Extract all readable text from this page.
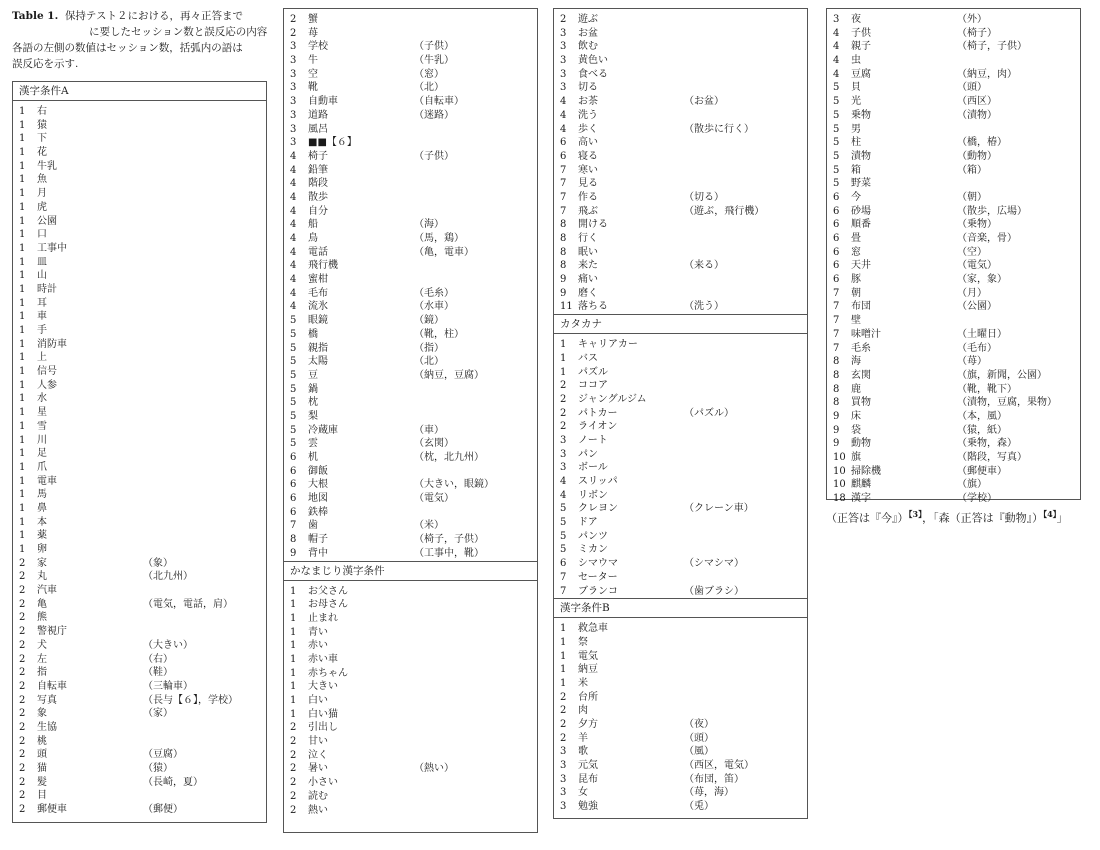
Table 1. 保持テスト２における，再々正答まで
に要したセッション数と誤反応の内容
各語の左側の数値はセッション数，括弧内の語は
誤反応を示す.
漢字条件A
1 右
1 猿
1 下
1 花
1 牛乳
1 魚
1 月
1 虎
1 公園
1 口
1 工事中
1 皿
1 山
1 時計
1 耳
1 車
1 手
1 消防車
1 上
1 信号
1 人参
1 水
1 星
1 雪
1 川
1 足
1 爪
1 電車
1 馬
1 鼻
1 本
1 薬
1 卵
2 家	（象）
2 丸	（北九州）
2 汽車
2 亀	（電気，電話，肩）
2 熊
2 警視庁
2 犬	（大きい）
2 左	（右）
2 指	（鞋）
2 自転車	（三輪車）
2 写真	（長与【６】，学校）
2 象	（家）
2 生協
2 桃
2 頭	（豆腐）
2 猫	（猿）
2 髪	（長崎，夏）
2 目
2 郵便車	（郵便）
2 蟹
2 苺
3 学校	（子供）
3 牛	（牛乳）
3 空	（窓）
3 靴	（北）
3 自動車	（自転車）
3 道路	（迷路）
3 風呂
3 ■■【６】
4 椅子	（子供）
4 鉛筆
4 階段
4 散歩
4 自分
4 船	（海）
4 鳥	（馬，鶏）
4 電話	（亀，電車）
4 飛行機
4 蜜柑
4 毛布	（毛糸）
4 流氷	（水車）
5 眼鏡	（鏡）
5 橋	（靴，柱）
5 親指	（指）
5 太陽	（北）
5 豆	（納豆，豆腐）
5 鍋
5 枕
5 梨
5 冷蔵庫	（車）
5 雲	（玄関）
6 机	（枕，北九州）
6 御飯
6 大根	（大きい，眼鏡）
6 地図	（電気）
6 鉄棒
7 歯	（米）
8 帽子	（椅子，子供）
9 背中	（工事中，靴）
かなまじり漢字条件
1 お父さん
1 お母さん
1 止まれ
1 青い
1 赤い
1 赤い車
1 赤ちゃん
1 大きい
1 白い
1 白い猫
2 引出し
2 甘い
2 泣く
2 暑い	（熱い）
2 小さい
2 読む
2 熱い
2 遊ぶ
3 お盆
3 飲む
3 黄色い
3 食べる
3 切る
4 お茶	（お盆）
4 洗う
4 歩く	（散歩に行く）
6 高い
6 寝る
7 寒い
7 見る
7 作る	（切る）
7 飛ぶ	（遊ぶ，飛行機）
8 開ける
8 行く
8 眠い
8 来た	（来る）
9 痛い
9 磨く
11 落ちる	（洗う）
カタカナ
1 キャリアカー
1 バス
1 パズル
2 ココア
2 ジャングルジム
2 パトカー	（パズル）
2 ライオン
3 ノート
3 パン
3 ボール
4 スリッパ
4 リボン
5 クレヨン	（クレーン車）
5 ドア
5 パンツ
5 ミカン
6 シマウマ	（シマシマ）
7 セーター
7 ブランコ	（歯ブラシ）
漢字条件B
1 救急車
1 祭
1 電気
1 納豆
1 米
2 台所
2 肉
2 夕方	（夜）
2 羊	（頭）
3 歌	（風）
3 元気	（西区，電気）
3 昆布	（布団，笛）
3 女	（苺，海）
3 勉強	（兎）
3 夜	（外）
4 子供	（椅子）
4 親子	（椅子，子供）
4 虫
4 豆腐	（納豆，肉）
5 貝	（頭）
5 光	（西区）
5 乗物	（漬物）
5 男
5 柱	（橋，椿）
5 漬物	（動物）
5 箱	（箱）
5 野菜
6 今	（朝）
6 砂場	（散歩，広場）
6 順番	（乗物）
6 畳	（音楽，骨）
6 窓	（空）
6 天井	（電気）
6 豚	（家，象）
7 朝	（月）
7 布団	（公園）
7 壁
7 味噌汁	（土曜日）
7 毛糸	（毛布）
8 海	（苺）
8 玄関	（旗，新聞，公園）
8 鹿	（靴，靴下）
8 買物	（漬物，豆腐，果物）
9 床	（本，風）
9 袋	（猿，紙）
9 動物	（乗物，森）
10 旗	（階段，写真）
10 掃除機	（郵便車）
10 麒麟	（旗）
18 漢字	（学校）
（正答は『今』）$^{【3】}$，「森（正答は『動物』）$^{【4】}$」
